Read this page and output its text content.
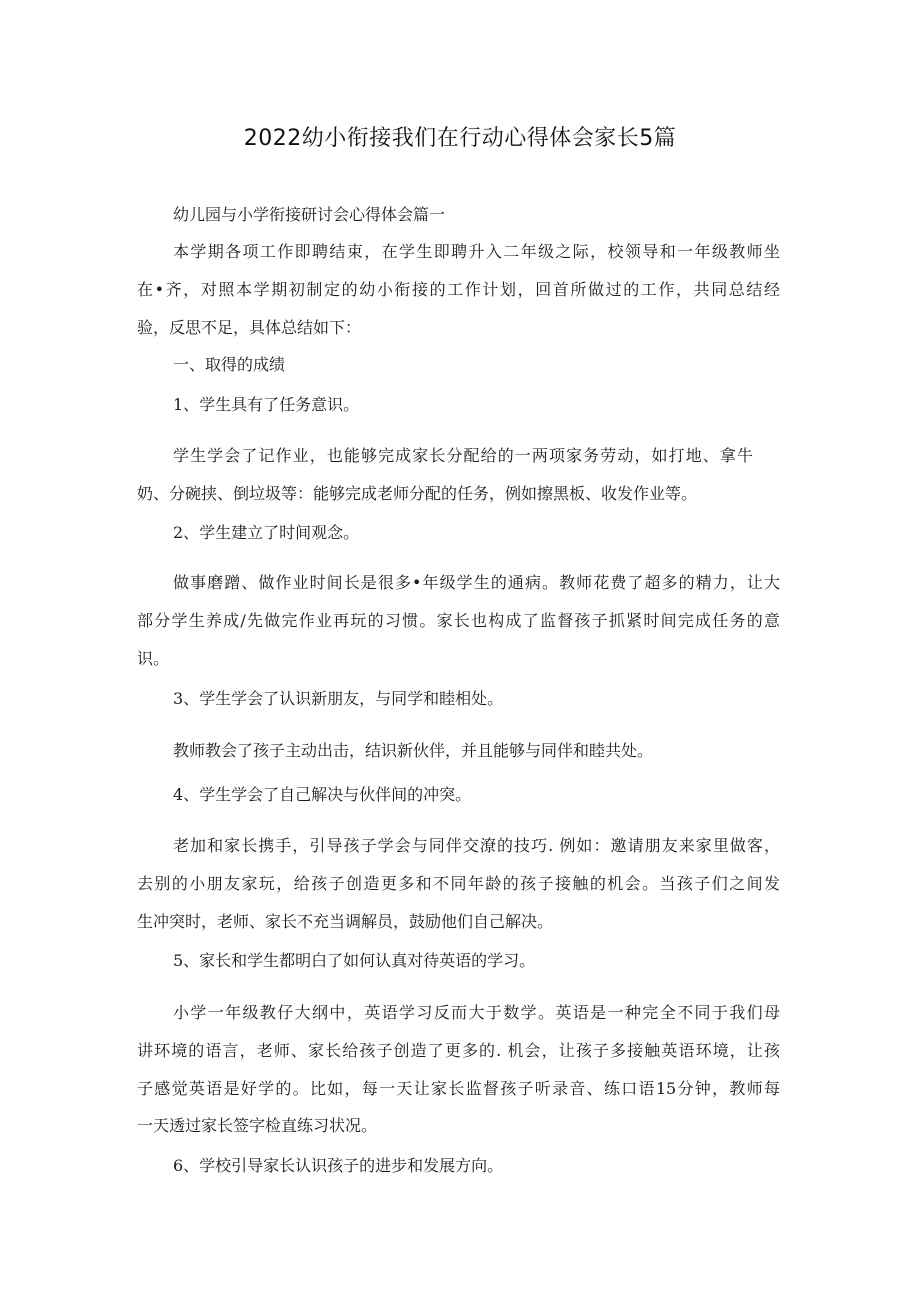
2022幼小衔接我们在行动心得体会家长5篇
幼儿园与小学衔接研讨会心得体会篇一
本学期各项工作即聘结束，在学生即聘升入二年级之际，校领导和一年级教师坐
在•齐，对照本学期初制定的幼小衔接的工作计划，回首所做过的工作，共同总结经
验，反思不足，具体总结如下：
一、取得的成绩
1、学生具有了任务意识。
学生学会了记作业，也能够完成家长分配给的一两项家务劳动，如打地、拿牛
奶、分碗挟、倒垃圾等：能够完成老师分配的任务，例如擦黑板、收发作业等。
2、学生建立了时间观念。
做事磨蹭、做作业时间长是很多•年级学生的通病。教师花费了超多的精力，让大
部分学生养成/先做完作业再玩的习惯。家长也构成了监督孩子抓紧时间完成任务的意
识。
3、学生学会了认识新朋友，与同学和睦相处。
教师教会了孩子主动出击，结识新伙伴，并且能够与同伴和睦共处。
4、学生学会了自己解决与伙伴间的冲突。
老加和家长携手，引导孩子学会与同伴交潦的技巧. 例如：邀请朋友来家里做客，
去别的小朋友家玩，给孩子创造更多和不同年龄的孩子接触的机会。当孩子们之间发
生冲突时，老师、家长不充当调解员，鼓励他们自己解决。
5、家长和学生都明白了如何认真对待英语的学习。
小学一年级教仔大纲中，英语学习反而大于数学。英语是一种完全不同于我们母
讲环境的语言，老师、家长给孩子创造了更多的. 机会，让孩子多接触英语环境，让孩
子感觉英语是好学的。比如，每一天让家长监督孩子听录音、练口语15分钟，教师每
一天透过家长签字检直练习状况。
6、学校引导家长认识孩子的进步和发展方向。
